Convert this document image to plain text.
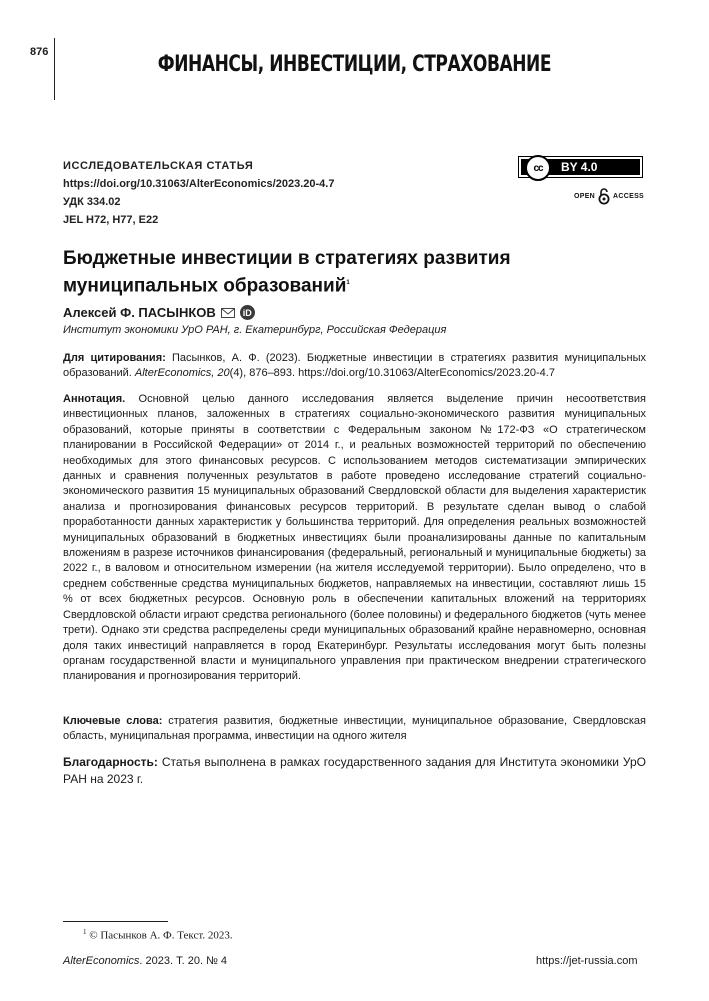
876	ФИНАНСЫ, ИНВЕСТИЦИИ, СТРАХОВАНИЕ
ИССЛЕДОВАТЕЛЬСКАЯ СТАТЬЯ
https://doi.org/10.31063/AlterEconomics/2023.20-4.7
УДК 334.02
JEL H72, H77, E22
cc	BY 4.0
OPEN	ACCESS
Бюджетные инвестиции в стратегиях развития
муниципальных образований$^1$
Алексей Ф. ПАСЫНКОВ	iD
Институт экономики УрО РАН, г. Екатеринбург, Российская Федерация
Для цитирования: Пасынков, А. Ф. (2023). Бюджетные инвестиции в стратегиях развития муниципальных образований. AlterEconomics, 20(4), 876–893. https://doi.org/10.31063/AlterEconomics/2023.20-4.7
Аннотация. Основной целью данного исследования является выделение причин несоответствия инвестиционных планов, заложенных в стратегиях социально-экономического развития муниципальных образований, которые приняты в соответствии с Федеральным законом №172-ФЗ «О стратегическом планировании в Российской Федерации» от 2014 г., и реальных возможностей территорий по обеспечению необходимых для этого финансовых ресурсов. С использованием методов систематизации эмпирических данных и сравнения полученных результатов в работе проведено исследование стратегий социально-экономического развития 15 муниципальных образований Свердловской области для выделения характеристик анализа и прогнозирования финансовых ресурсов территорий. В результате сделан вывод о слабой проработанности данных характеристик у большинства территорий. Для определения реальных возможностей муниципальных образований в бюджетных инвестициях были проанализированы данные по капитальным вложениям в разрезе источников финансирования (федеральный, региональный и муниципальные бюджеты) за 2022 г., в валовом и относительном измерении (на жителя исследуемой территории). Было определено, что в среднем собственные средства муниципальных бюджетов, направляемых на инвестиции, составляют лишь 15 % от всех бюджетных ресурсов. Основную роль в обеспечении капитальных вложений на территориях Свердловской области играют средства регионального (более половины) и федерального бюджетов (чуть менее трети). Однако эти средства распределены среди муниципальных образований крайне неравномерно, основная доля таких инвестиций направляется в город Екатеринбург. Результаты исследования могут быть полезны органам государственной власти и муниципального управления при практическом внедрении стратегического планирования и прогнозирования территорий.
Ключевые слова: стратегия развития, бюджетные инвестиции, муниципальное образование, Свердловская область, муниципальная программа, инвестиции на одного жителя
Благодарность: Статья выполнена в рамках государственного задания для Института экономики УрО РАН на 2023 г.
$^1$ © Пасынков А. Ф. Текст. 2023.
AlterEconomics. 2023. Т. 20. № 4	https://jet-russia.com
